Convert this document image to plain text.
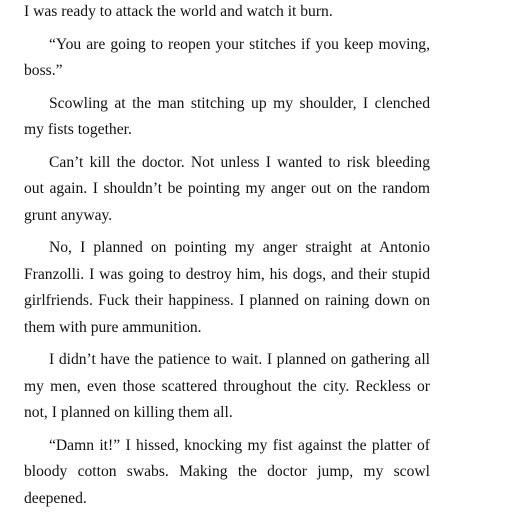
I was ready to attack the world and watch it burn.

“You are going to reopen your stitches if you keep moving, boss.”

Scowling at the man stitching up my shoulder, I clenched my fists together.

Can’t kill the doctor. Not unless I wanted to risk bleeding out again. I shouldn’t be pointing my anger out on the random grunt anyway.

No, I planned on pointing my anger straight at Antonio Franzolli. I was going to destroy him, his dogs, and their stupid girlfriends. Fuck their happiness. I planned on raining down on them with pure ammunition.

I didn’t have the patience to wait. I planned on gathering all my men, even those scattered throughout the city. Reckless or not, I planned on killing them all.

“Damn it!” I hissed, knocking my fist against the platter of bloody cotton swabs. Making the doctor jump, my scowl deepened.
